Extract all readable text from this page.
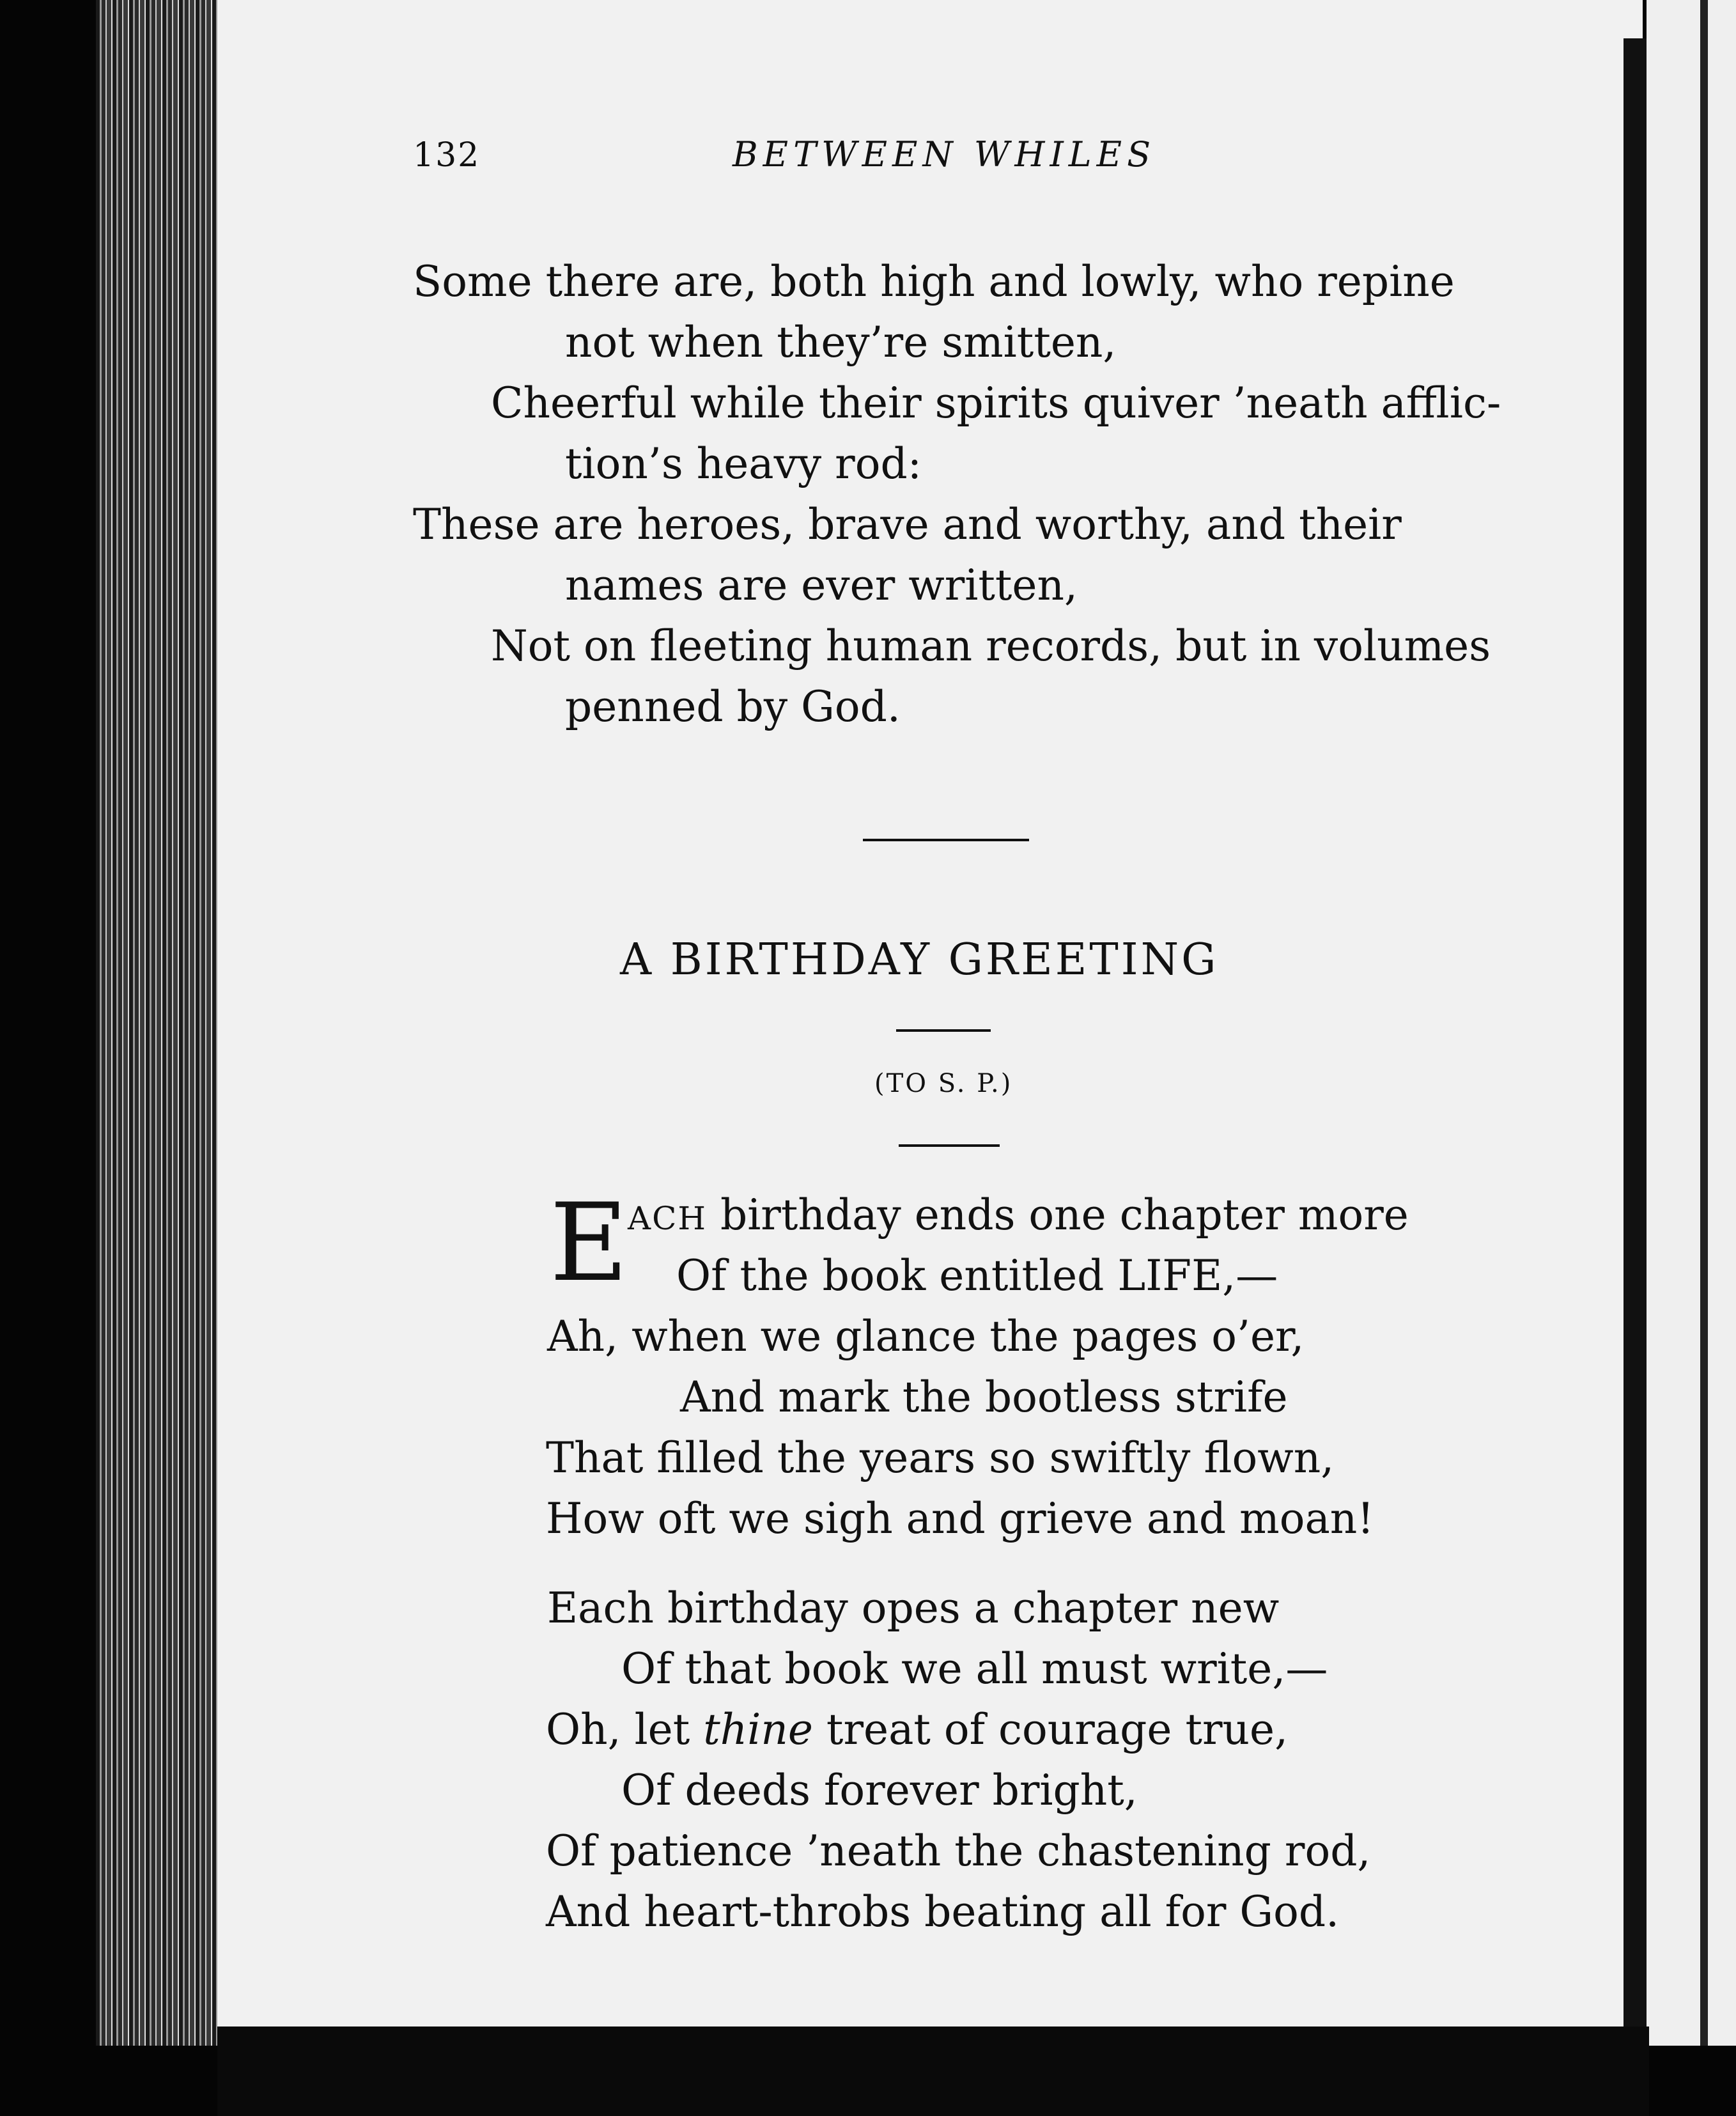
132	BETWEEN WHILES
Some there are, both high and lowly, who repine
not when they’re smitten,
Cheerful while their spirits quiver ’neath afflic-
tion’s heavy rod:
These are heroes, brave and worthy, and their
names are ever written,
Not on fleeting human records, but in volumes
penned by God.
A BIRTHDAY GREETING
(TO S. P.)
E ACH birthday ends one chapter more
Of the book entitled LIFE,—
Ah, when we glance the pages o’er,
And mark the bootless strife
That filled the years so swiftly flown,
How oft we sigh and grieve and moan!
Each birthday opes a chapter new
Of that book we all must write,—
Oh, let thine treat of courage true,
Of deeds forever bright,
Of patience ’neath the chastening rod,
And heart-throbs beating all for God.
